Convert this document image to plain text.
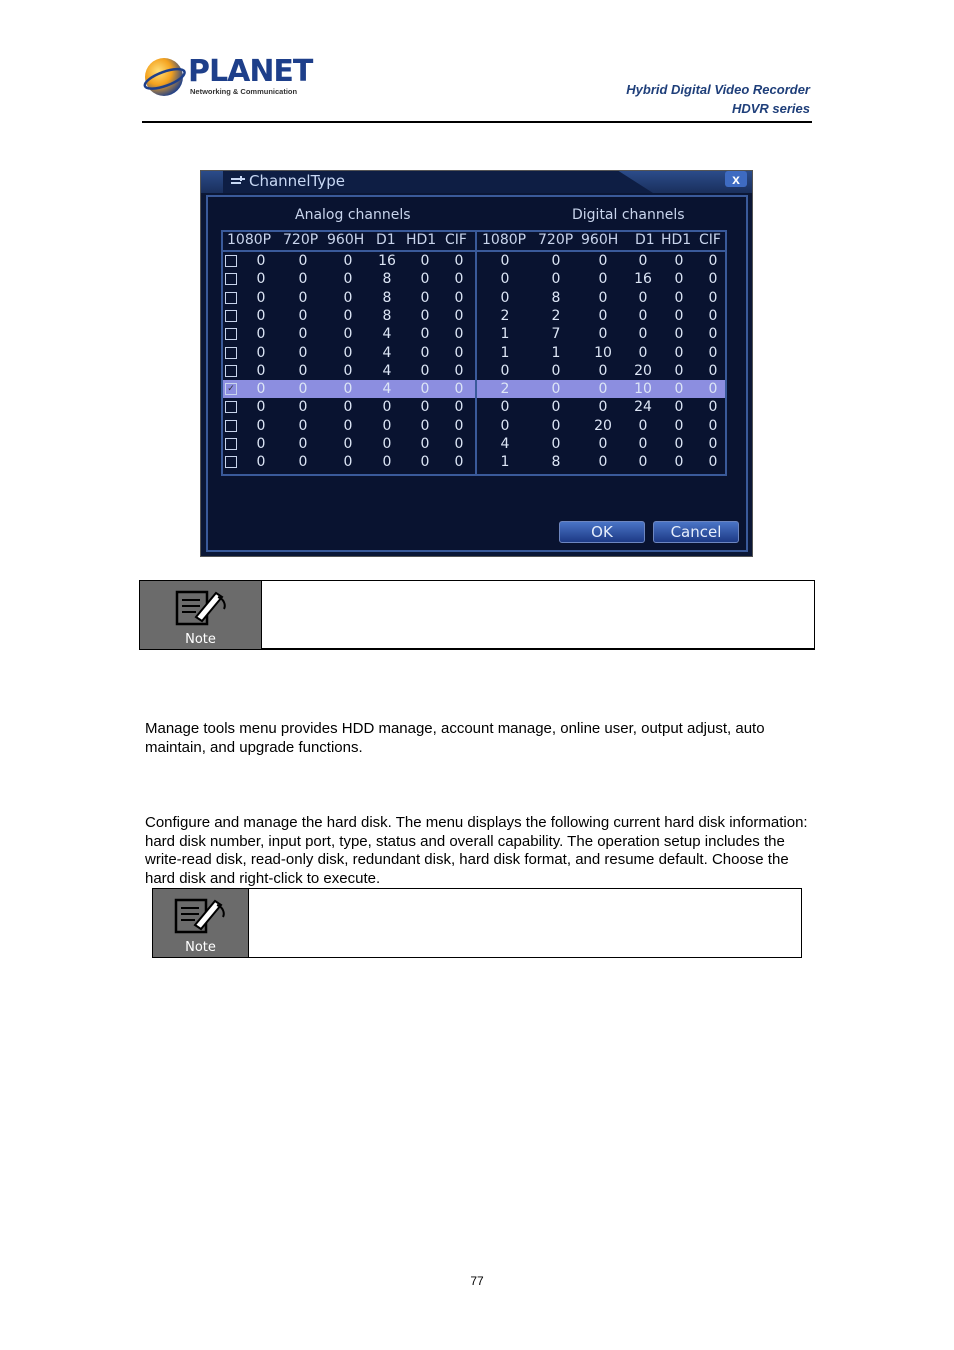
PLANET
Networking & Communication	Hybrid Digital Video Recorder
HDVR series
ChannelType	x
Analog channels	Digital channels
1080P 720P 960H D1 HD1 CIF 1080P 720P 960H D1 HD1 CIF
0	0	0	16	0	0	0	0	0	0	0	0
0	0	0	8	0	0	0	0	0	16	0	0
0	0	0	8	0	0	0	8	0	0	0	0
0	0	0	8	0	0	2	2	0	0	0	0
0	0	0	4	0	0	1	7	0	0	0	0
0	0	0	4	0	0	1	1	10	0	0	0
0	0	0	4	0	0	0	0	0	20	0	0
✓	0	0	0	4	0	0	2	0	0	10	0	0
0	0	0	0	0	0	0	0	0	24	0	0
0	0	0	0	0	0	0	0	20	0	0	0
0	0	0	0	0	0	4	0	0	0	0	0
0	0	0	0	0	0	1	8	0	0	0	0

OK	Cancel
Note

Manage tools menu provides HDD manage, account manage, online user, output adjust, auto maintain, and upgrade functions.

Configure and manage the hard disk. The menu displays the following current hard disk information: hard disk number, input port, type, status and overall capability. The operation setup includes the write-read disk, read-only disk, redundant disk, hard disk format, and resume default. Choose the hard disk and right-click to execute.

Note
77
